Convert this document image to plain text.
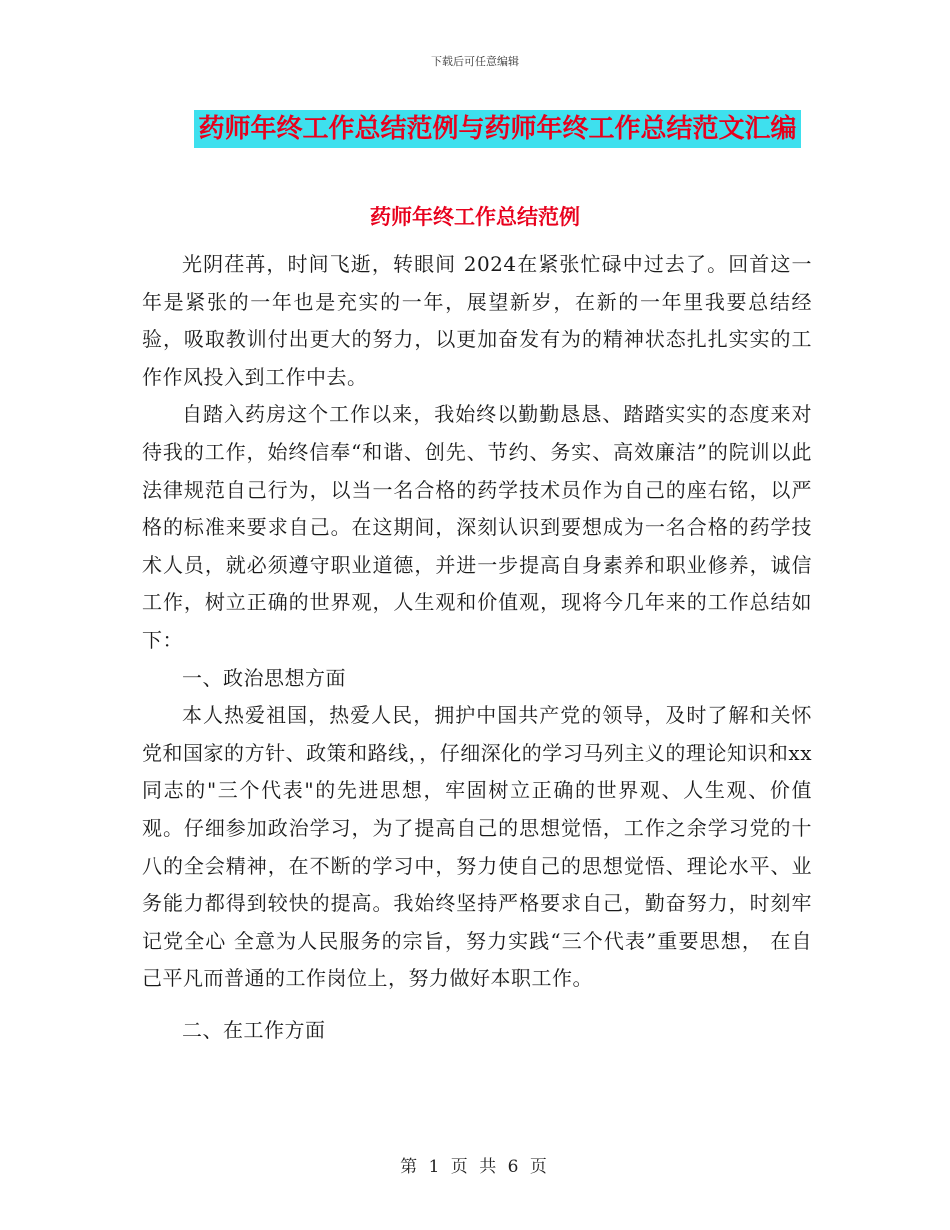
下载后可任意编辑
药师年终工作总结范例与药师年终工作总结范文汇编
药师年终工作总结范例

光阴荏苒，时间飞逝，转眼间 2024在紧张忙碌中过去了。回首这一年是紧张的一年也是充实的一年，展望新岁，在新的一年里我要总结经验，吸取教训付出更大的努力，以更加奋发有为的精神状态扎扎实实的工作作风投入到工作中去。

自踏入药房这个工作以来，我始终以勤勤恳恳、踏踏实实的态度来对待我的工作，始终信奉“和谐、创先、节约、务实、高效廉洁”的院训以此法律规范自己行为，以当一名合格的药学技术员作为自己的座右铭，以严格的标准来要求自己。在这期间，深刻认识到要想成为一名合格的药学技术人员，就必须遵守职业道德，并进一步提高自身素养和职业修养，诚信工作，树立正确的世界观，人生观和价值观，现将今几年来的工作总结如下：

一、政治思想方面

本人热爱祖国，热爱人民，拥护中国共产党的领导，及时了解和关怀党和国家的方针、政策和路线，，仔细深化的学习马列主义的理论知识和xx同志的"三个代表"的先进思想，牢固树立正确的世界观、人生观、价值观。仔细参加政治学习，为了提高自己的思想觉悟，工作之余学习党的十八的全会精神，在不断的学习中，努力使自己的思想觉悟、理论水平、业务能力都得到较快的提高。我始终坚持严格要求自己，勤奋努力，时刻牢记党全心 全意为人民服务的宗旨，努力实践“三个代表”重要思想， 在自己平凡而普通的工作岗位上，努力做好本职工作。

二、在工作方面

第 1 页 共 6 页
